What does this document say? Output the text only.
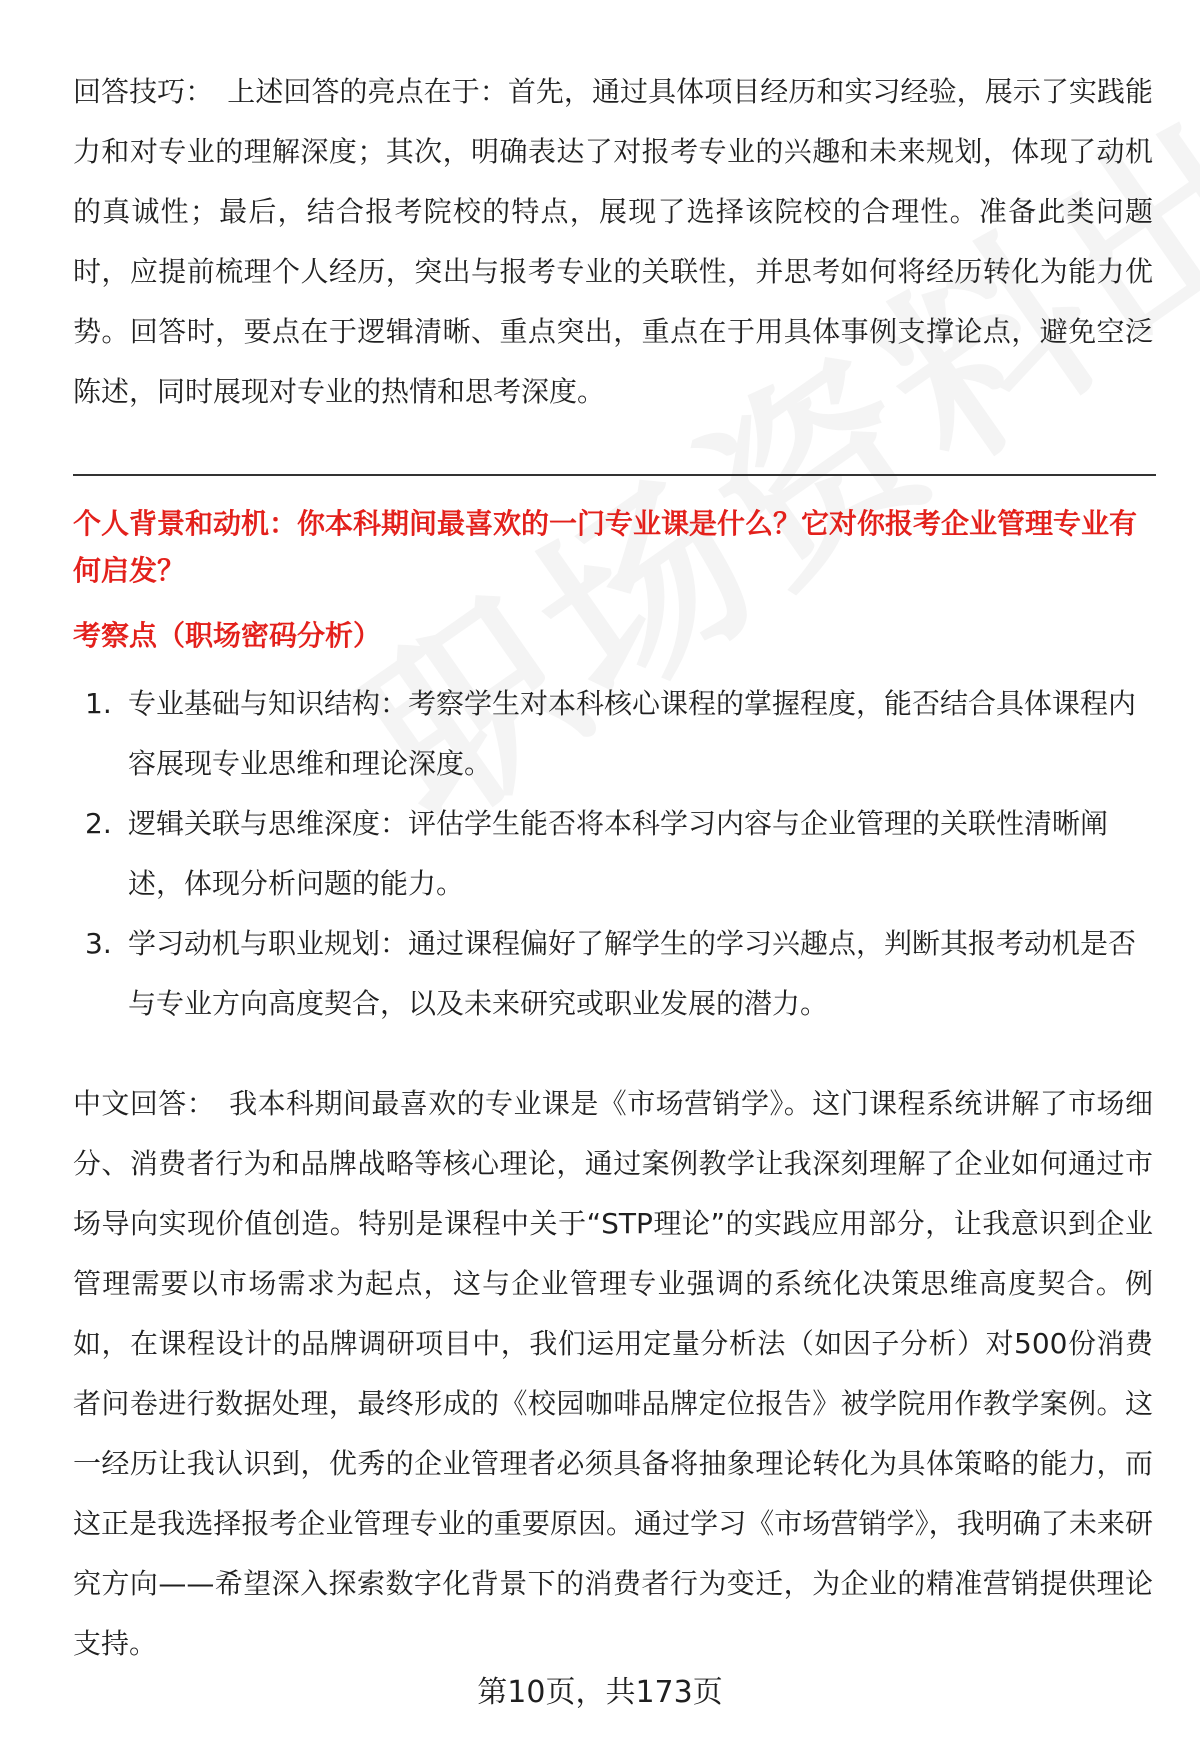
回答技巧： 上述回答的亮点在于：首先，通过具体项目经历和实习经验，展示了实践能力和对专业的理解深度；其次，明确表达了对报考专业的兴趣和未来规划，体现了动机的真诚性；最后，结合报考院校的特点，展现了选择该院校的合理性。准备此类问题时，应提前梳理个人经历，突出与报考专业的关联性，并思考如何将经历转化为能力优势。回答时，要点在于逻辑清晰、重点突出，重点在于用具体事例支撑论点，避免空泛陈述，同时展现对专业的热情和思考深度。

个人背景和动机：你本科期间最喜欢的一门专业课是什么？它对你报考企业管理专业有何启发？

考察点（职场密码分析）

1. 专业基础与知识结构：考察学生对本科核心课程的掌握程度，能否结合具体课程内容展现专业思维和理论深度。
2. 逻辑关联与思维深度：评估学生能否将本科学习内容与企业管理的关联性清晰阐述，体现分析问题的能力。
3. 学习动机与职业规划：通过课程偏好了解学生的学习兴趣点，判断其报考动机是否与专业方向高度契合，以及未来研究或职业发展的潜力。

中文回答： 我本科期间最喜欢的专业课是《市场营销学》。这门课程系统讲解了市场细分、消费者行为和品牌战略等核心理论，通过案例教学让我深刻理解了企业如何通过市场导向实现价值创造。特别是课程中关于“STP理论”的实践应用部分，让我意识到企业管理需要以市场需求为起点，这与企业管理专业强调的系统化决策思维高度契合。例如，在课程设计的品牌调研项目中，我们运用定量分析法（如因子分析）对500份消费者问卷进行数据处理，最终形成的《校园咖啡品牌定位报告》被学院用作教学案例。这一经历让我认识到，优秀的企业管理者必须具备将抽象理论转化为具体策略的能力，而这正是我选择报考企业管理专业的重要原因。通过学习《市场营销学》，我明确了未来研究方向——希望深入探索数字化背景下的消费者行为变迁，为企业的精准营销提供理论支持。

第10页，共173页
